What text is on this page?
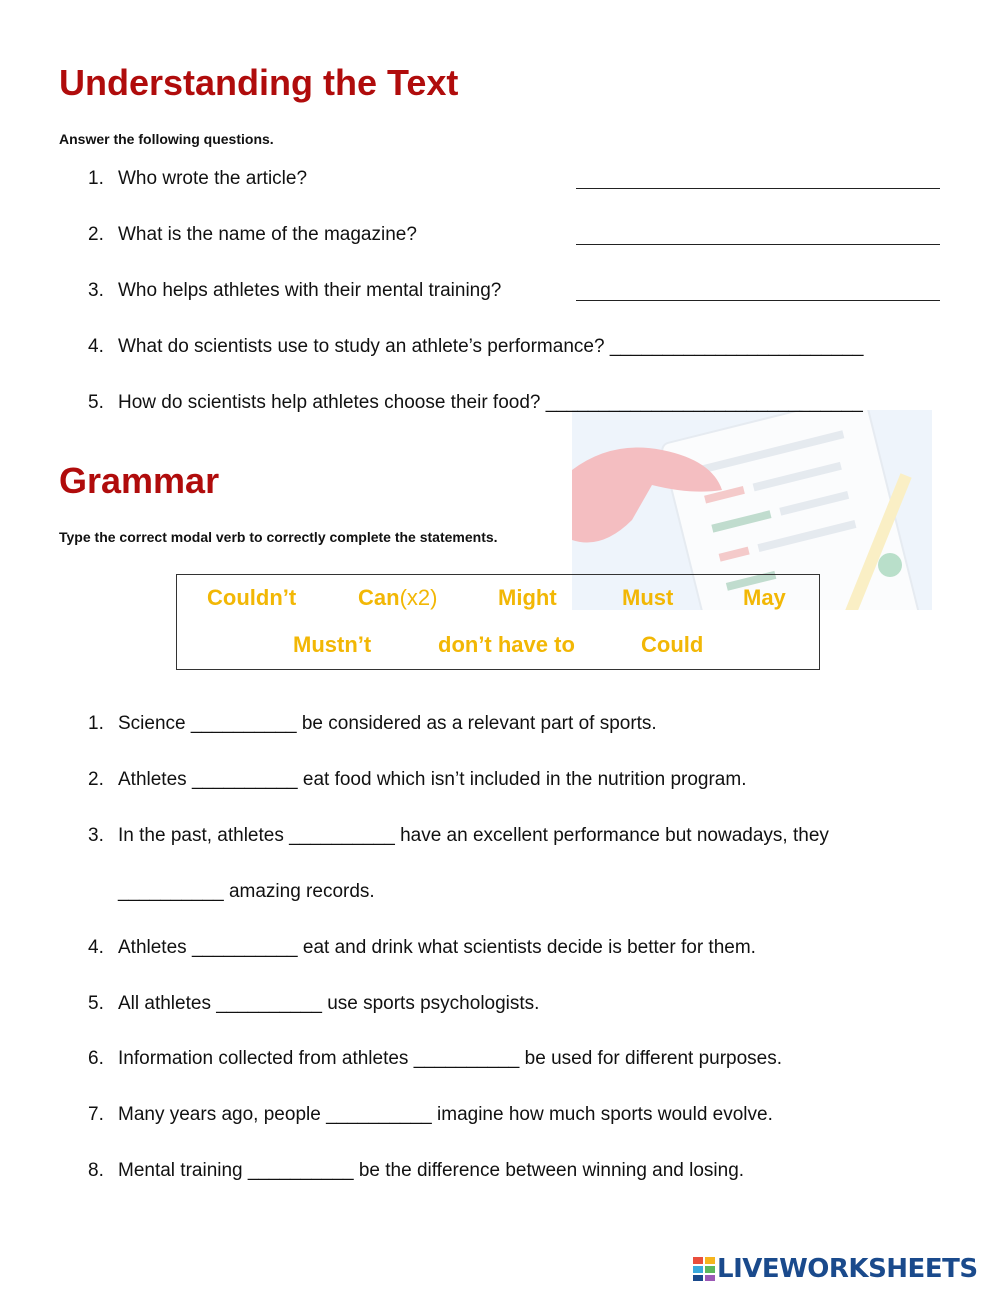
Understanding the Text

Answer the following questions.

1. Who wrote the article?
2. What is the name of the magazine?
3. Who helps athletes with their mental training?
4. What do scientists use to study an athlete’s performance? ________________________
5. How do scientists help athletes choose their food? ______________________________
Grammar

Type the correct modal verb to correctly complete the statements.

Couldn’t	Can(x2)	Might	Must	May
Mustn’t	don’t have to	Could
1. Science __________ be considered as a relevant part of sports.
2. Athletes __________ eat food which isn’t included in the nutrition program.
3. In the past, athletes __________ have an excellent performance but nowadays, they
__________ amazing records.
4. Athletes __________ eat and drink what scientists decide is better for them.
5. All athletes __________ use sports psychologists.
6. Information collected from athletes __________ be used for different purposes.
7. Many years ago, people __________ imagine how much sports would evolve.
8. Mental training __________ be the difference between winning and losing.
LIVEWORKSHEETS
